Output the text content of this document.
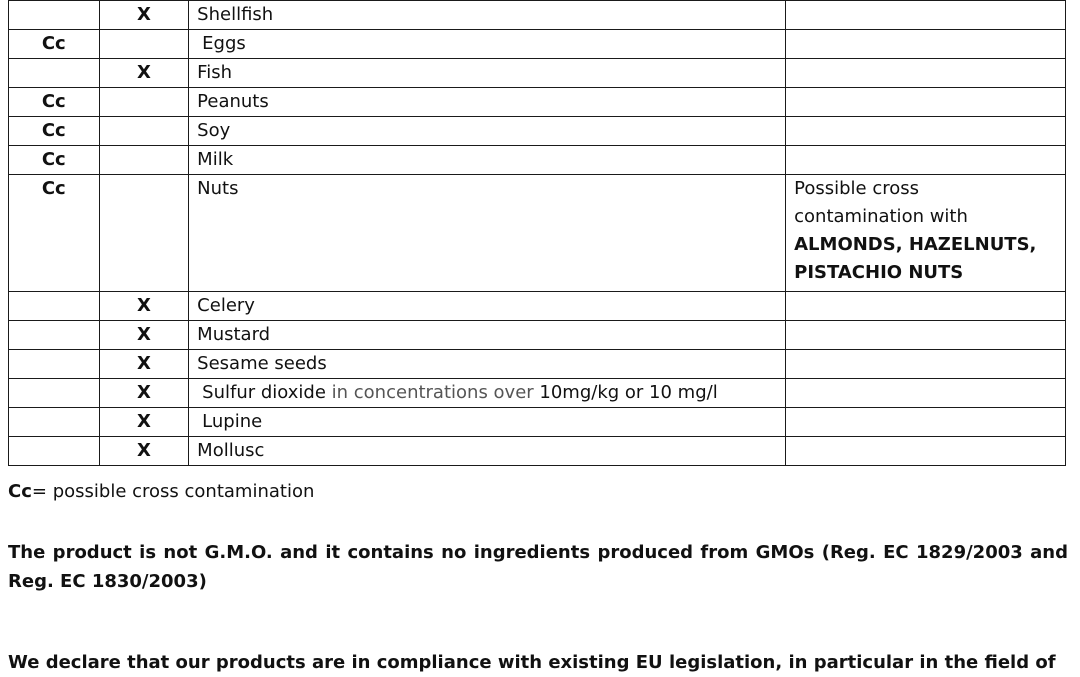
	X	Shellfish	
Cc		Eggs	
	X	Fish	
Cc		Peanuts	
Cc		Soy	
Cc		Milk	
Cc		Nuts	Possible cross
contamination with
ALMONDS, HAZELNUTS,
PISTACHIO NUTS

	X	Celery	
	X	Mustard	
	X	Sesame seeds	
	X	Sulfur dioxide in concentrations over 10mg/kg or 10 mg/l	
	X	Lupine	
	X	Mollusc	
Cc= possible cross contamination
The product is not G.M.O. and it contains no ingredients produced from GMOs (Reg. EC 1829/2003 and Reg. EC 1830/2003)
We declare that our products are in compliance with existing EU legislation, in particular in the field of
